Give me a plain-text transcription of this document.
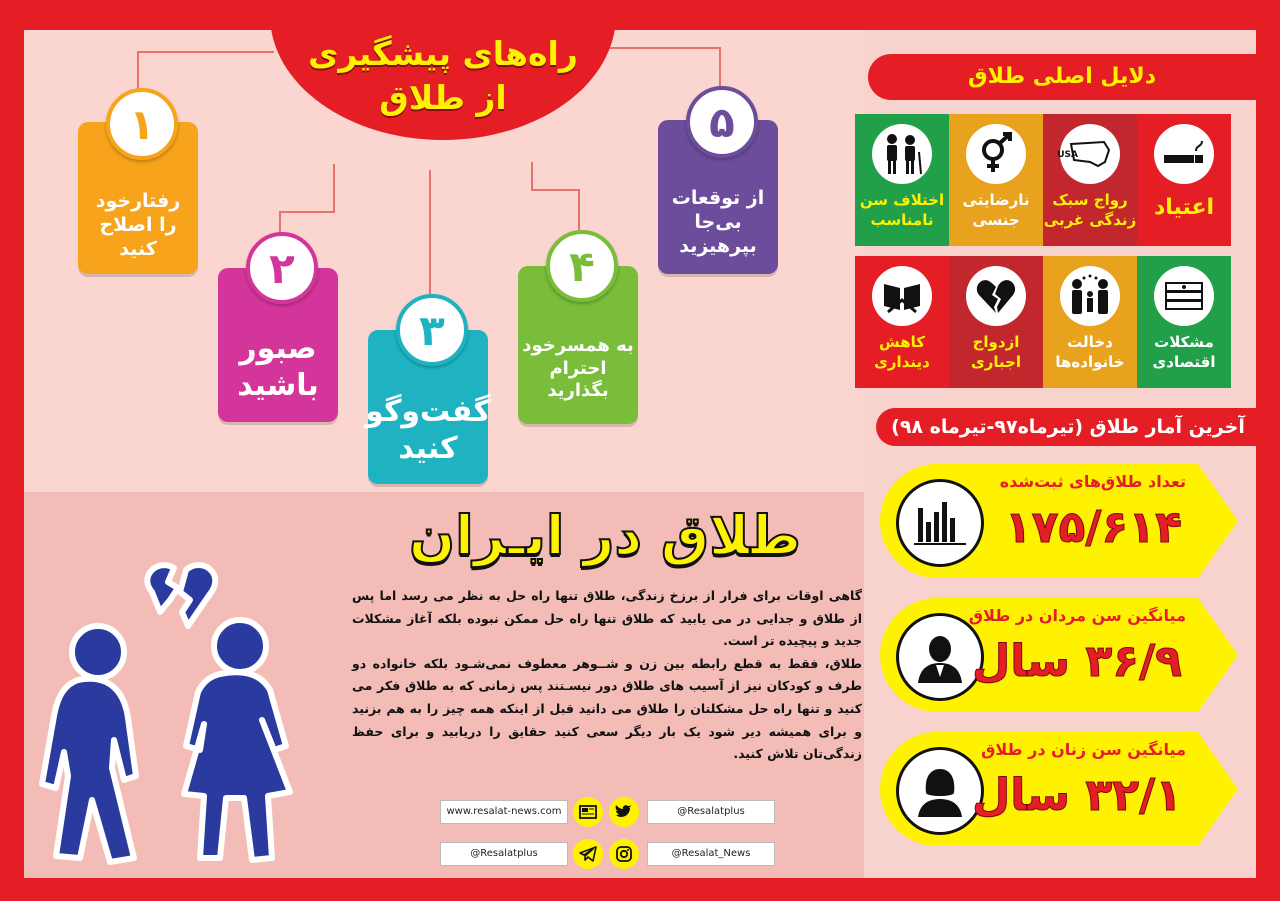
راه‌های پیشگیری
از طلاق
رفتارخود
را اصلاح
کنید
۱
صبور
باشید
۲
گفت‌وگو
کنید
۳	به همسرخود
احترام
بگذارید
۴
از توقعات
بی‌جا
بپرهیزید
۵
دلایل اصلی طلاق
اعتیاد
USA
رواج سبک
زندگی غربی
نارضایتی
جنسی
اختلاف سن
نامناسب
مشکلات
اقتصادی
دخالت
خانواده‌ها
ازدواج
اجباری
کاهش
دینداری
آخرین آمار طلاق (تیرماه۹۷-تیرماه ۹۸)
تعداد طلاق‌های ثبت‌شده
۱۷۵/۶۱۴
میانگین سن مردان در طلاق
۳۶/۹ سال
میانگین سن زنان در طلاق
۳۲/۱ سال
طلاق در ایـران
گاهی اوقات برای فرار از برزخ زندگی، طلاق تنها راه حل به نظر می رسد اما پس از طلاق و جدایی در می یابید که طلاق تنها راه حل ممکن نبوده بلکه آغاز مشکلات جدید و پیچیده تر است.
طلاق، فقط به قطع رابطه بین زن و شــوهر معطوف نمی‌شـود بلکه خانواده دو طرف و کودکان نیز از آسیب های طلاق دور نیسـتند پس زمانی که به طلاق فکر می کنید و تنها راه حل مشکلتان را طلاق می دانید قبل از اینکه همه چیز را به هم بزنید و برای همیشه دیر شود یک بار دیگر سعی کنید حقایق را دریابید و برای حفظ زندگی‌تان تلاش کنید.
www.resalat-news.com	@Resalatplus
@Resalatplus	@Resalat_News
